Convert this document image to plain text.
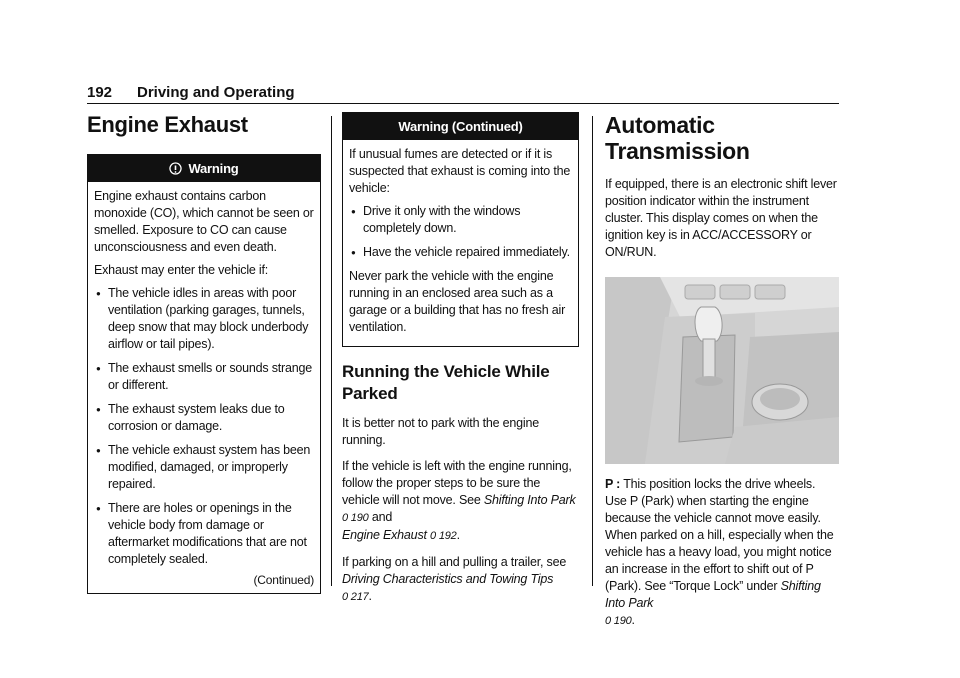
192 Driving and Operating
Engine Exhaust
Warning

Engine exhaust contains carbon monoxide (CO), which cannot be seen or smelled. Exposure to CO can cause unconsciousness and even death.

Exhaust may enter the vehicle if:

● The vehicle idles in areas with poor ventilation (parking garages, tunnels, deep snow that may block underbody airflow or tail pipes).
● The exhaust smells or sounds strange or different.
● The exhaust system leaks due to corrosion or damage.
● The vehicle exhaust system has been modified, damaged, or improperly repaired.
● There are holes or openings in the vehicle body from damage or aftermarket modifications that are not completely sealed.
(Continued)
Warning (Continued)

If unusual fumes are detected or if it is suspected that exhaust is coming into the vehicle:

● Drive it only with the windows completely down.
● Have the vehicle repaired immediately.

Never park the vehicle with the engine running in an enclosed area such as a garage or a building that has no fresh air ventilation.

Running the Vehicle While Parked

It is better not to park with the engine running.

If the vehicle is left with the engine running, follow the proper steps to be sure the vehicle will not move. See Shifting Into Park
0 190 and
Engine Exhaust 0 192.

If parking on a hill and pulling a trailer, see Driving Characteristics and Towing Tips
0 217.

Automatic Transmission

If equipped, there is an electronic shift lever position indicator within the instrument cluster. This display comes on when the ignition key is in ACC/ACCESSORY or ON/RUN.

P : This position locks the drive wheels. Use P (Park) when starting the engine because the vehicle cannot move easily. When parked on a hill, especially when the vehicle has a heavy load, you might notice an increase in the effort to shift out of P (Park). See “Torque Lock” under Shifting Into Park
0 190.
